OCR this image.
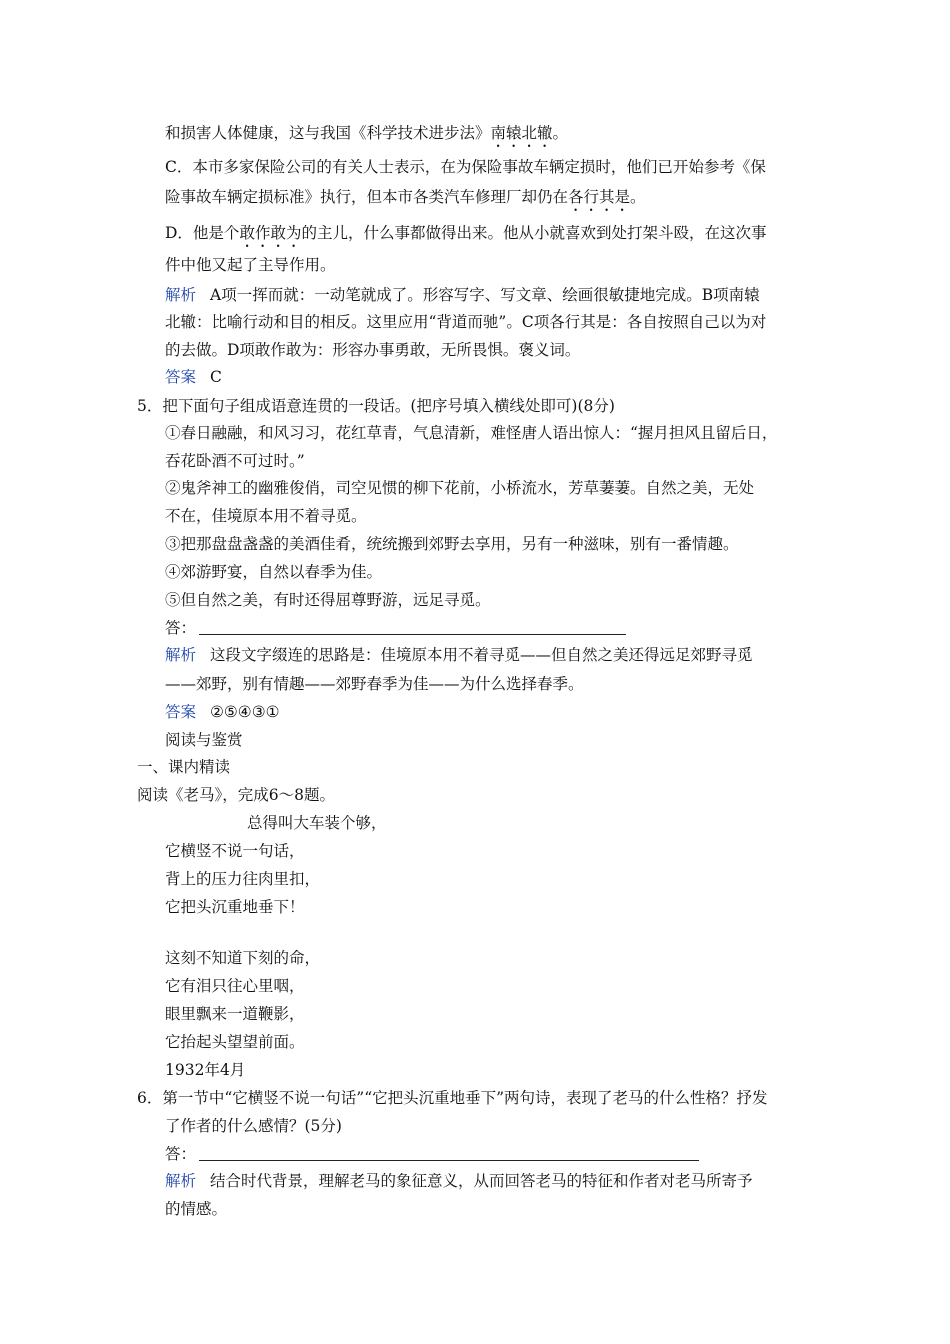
和损害人体健康，这与我国《科学技术进步法》南辕北辙。
C．本市多家保险公司的有关人士表示，在为保险事故车辆定损时，他们已开始参考《保
险事故车辆定损标准》执行，但本市各类汽车修理厂却仍在各行其是。
D．他是个敢作敢为的主儿，什么事都做得出来。他从小就喜欢到处打架斗殴，在这次事
件中他又起了主导作用。
解析 A项一挥而就：一动笔就成了。形容写字、写文章、绘画很敏捷地完成。B项南辕
北辙：比喻行动和目的相反。这里应用“背道而驰”。C项各行其是：各自按照自己以为对
的去做。D项敢作敢为：形容办事勇敢，无所畏惧。褒义词。
答案 C
5．把下面句子组成语意连贯的一段话。(把序号填入横线处即可)(8分)
①春日融融，和风习习，花红草青，气息清新，难怪唐人语出惊人：“握月担风且留后日，
吞花卧酒不可过时。”
②鬼斧神工的幽雅俊俏，司空见惯的柳下花前，小桥流水，芳草萋萋。自然之美，无处
不在，佳境原本用不着寻觅。
③把那盘盘盏盏的美酒佳肴，统统搬到郊野去享用，另有一种滋味，别有一番情趣。
④郊游野宴，自然以春季为佳。
⑤但自然之美，有时还得屈尊野游，远足寻觅。
答：
解析 这段文字缀连的思路是：佳境原本用不着寻觅——但自然之美还得远足郊野寻觅
——郊野，别有情趣——郊野春季为佳——为什么选择春季。
答案 ②⑤④③①
阅读与鉴赏
一、课内精读
阅读《老马》，完成6～8题。
总得叫大车装个够，
它横竖不说一句话，
背上的压力往肉里扣，
它把头沉重地垂下！
这刻不知道下刻的命，
它有泪只往心里咽，
眼里飘来一道鞭影，
它抬起头望望前面。
1932年4月
6．第一节中“它横竖不说一句话”“它把头沉重地垂下”两句诗，表现了老马的什么性格？抒发
了作者的什么感情？(5分)
答：
解析 结合时代背景，理解老马的象征意义，从而回答老马的特征和作者对老马所寄予
的情感。
